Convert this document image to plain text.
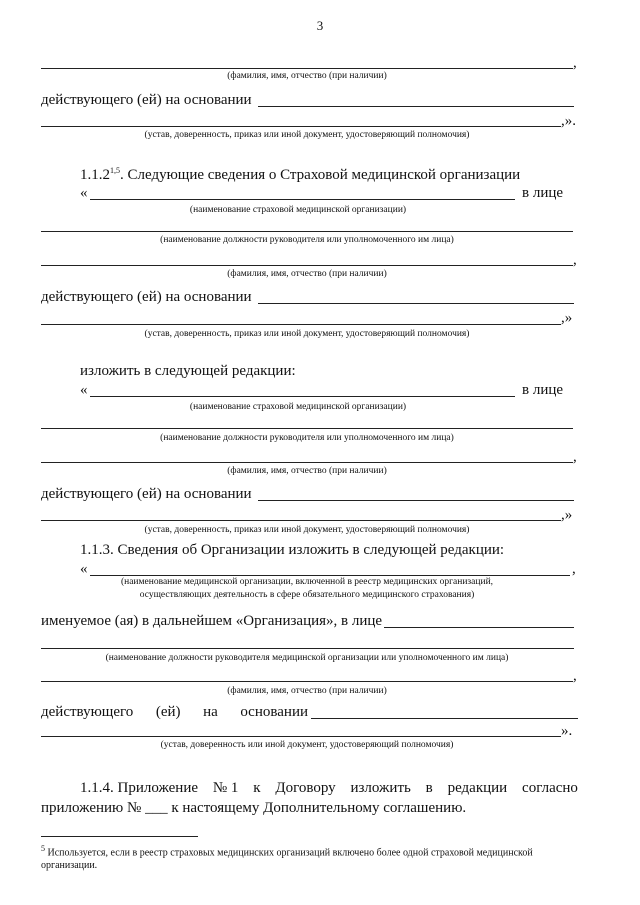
3
,
(фамилия, имя, отчество (при наличии)
действующего (ей) на основании
,».
(устав, доверенность, приказ или иной документ, удостоверяющий полномочия)
1.1.2$^{1,5}$. Следующие сведения о Страховой медицинской организации
«	в лице
(наименование страховой медицинской организации)
(наименование должности руководителя или уполномоченного им лица)
,
(фамилия, имя, отчество (при наличии)
действующего (ей) на основании
,»
(устав, доверенность, приказ или иной документ, удостоверяющий полномочия)
изложить в следующей редакции:
«	в лице
(наименование страховой медицинской организации)
(наименование должности руководителя или уполномоченного им лица)
,
(фамилия, имя, отчество (при наличии)
действующего (ей) на основании
,»
(устав, доверенность, приказ или иной документ, удостоверяющий полномочия)
1.1.3. Сведения об Организации изложить в следующей редакции:
«	,
(наименование медицинской организации, включенной в реестр медицинских организаций,
осуществляющих деятельность в сфере обязательного медицинского страхования)
именуемое (ая) в дальнейшем «Организация», в лице
(наименование должности руководителя медицинской организации или уполномоченного им лица)
,
(фамилия, имя, отчество (при наличии)
действующего (ей) на основании
».
(устав, доверенность или иной документ, удостоверяющий полномочия)
1.1.4. Приложение № 1 к Договору изложить в редакции согласно
приложению № ___ к настоящему Дополнительному соглашению.
$^5$ Используется, если в реестр страховых медицинских организаций включено более одной страховой медицинской организации.
